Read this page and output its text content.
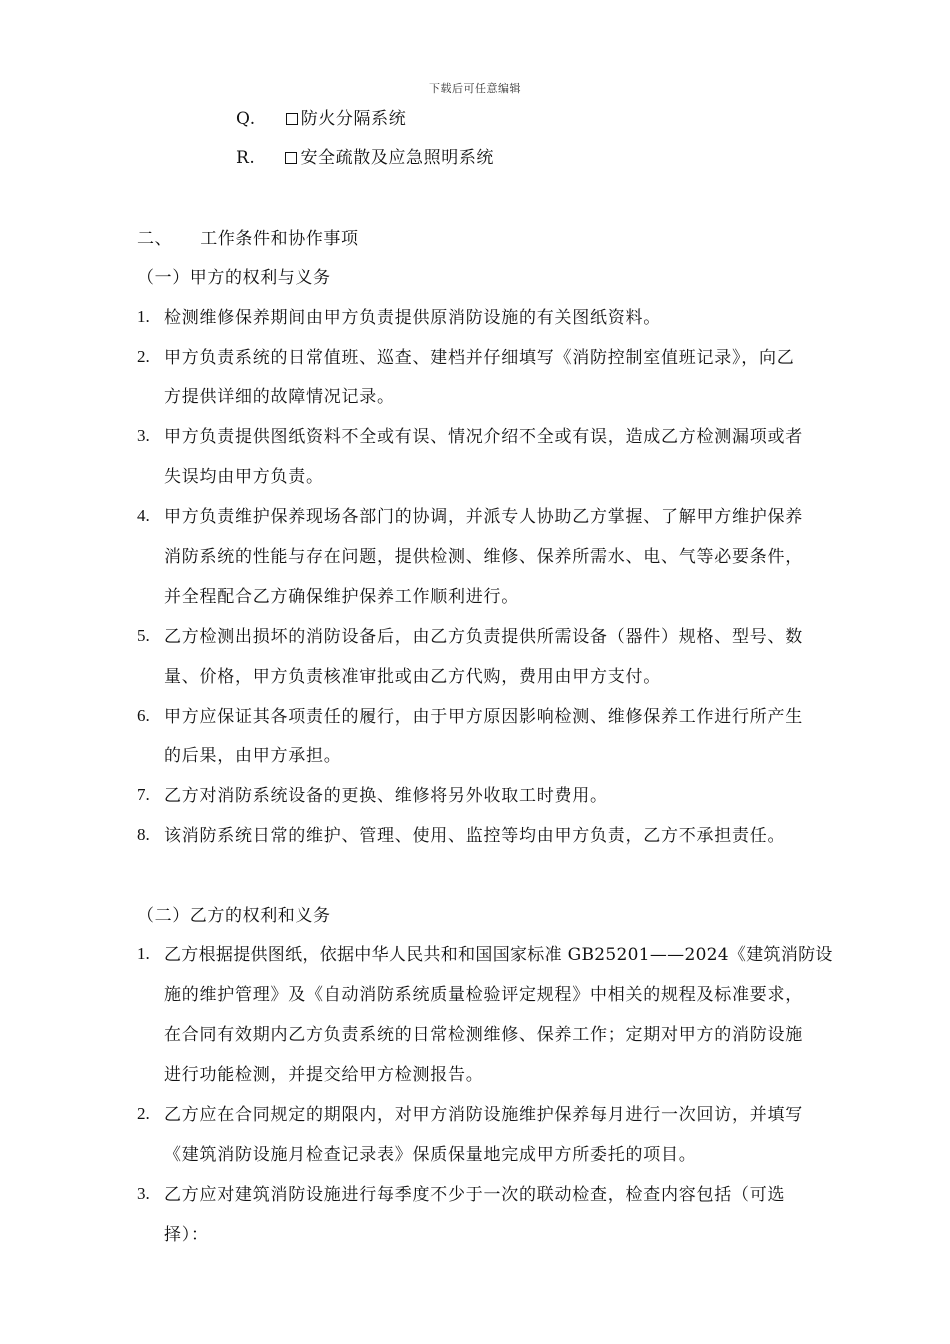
下载后可任意编辑
Q.	防火分隔系统
R.	安全疏散及应急照明系统
二、 工作条件和协作事项
（一）甲方的权利与义务
1. 检测维修保养期间由甲方负责提供原消防设施的有关图纸资料。
2. 甲方负责系统的日常值班、巡查、建档并仔细填写《消防控制室值班记录》，向乙
方提供详细的故障情况记录。
3. 甲方负责提供图纸资料不全或有误、情况介绍不全或有误，造成乙方检测漏项或者
失误均由甲方负责。
4. 甲方负责维护保养现场各部门的协调，并派专人协助乙方掌握、了解甲方维护保养
消防系统的性能与存在问题，提供检测、维修、保养所需水、电、气等必要条件，
并全程配合乙方确保维护保养工作顺利进行。
5. 乙方检测出损坏的消防设备后，由乙方负责提供所需设备（器件）规格、型号、数
量、价格，甲方负责核准审批或由乙方代购，费用由甲方支付。
6. 甲方应保证其各项责任的履行，由于甲方原因影响检测、维修保养工作进行所产生
的后果，由甲方承担。
7. 乙方对消防系统设备的更换、维修将另外收取工时费用。
8. 该消防系统日常的维护、管理、使用、监控等均由甲方负责，乙方不承担责任。
（二）乙方的权利和义务
1. 乙方根据提供图纸，依据中华人民共和和国国家标准 GB25201——2024《建筑消防设
施的维护管理》及《自动消防系统质量检验评定规程》中相关的规程及标准要求，
在合同有效期内乙方负责系统的日常检测维修、保养工作；定期对甲方的消防设施
进行功能检测，并提交给甲方检测报告。
2. 乙方应在合同规定的期限内，对甲方消防设施维护保养每月进行一次回访，并填写
《建筑消防设施月检查记录表》保质保量地完成甲方所委托的项目。
3. 乙方应对建筑消防设施进行每季度不少于一次的联动检查，检查内容包括（可选
择）：
